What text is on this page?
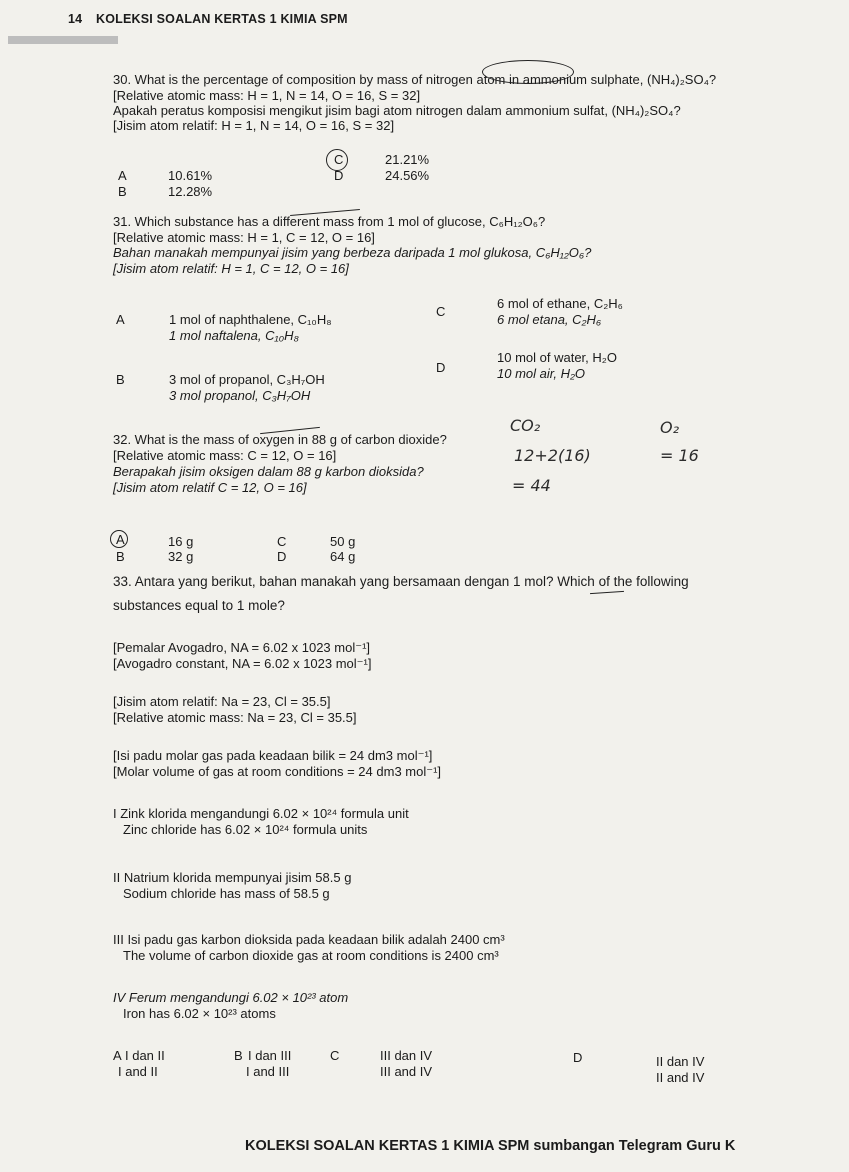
14 KOLEKSI SOALAN KERTAS 1 KIMIA SPM
30. What is the percentage of composition by mass of nitrogen atom in ammonium sulphate, (NH₄)₂SO₄?
[Relative atomic mass: H = 1, N = 14, O = 16, S = 32]
Apakah peratus komposisi mengikut jisim bagi atom nitrogen dalam ammonium sulfat, (NH₄)₂SO₄?
[Jisim atom relatif: H = 1, N = 14, O = 16, S = 32]
A	10.61%
B	12.28%
C	21.21%
D	24.56%
31. Which substance has a different mass from 1 mol of glucose, C₆H₁₂O₆?
[Relative atomic mass: H = 1, C = 12, O = 16]
Bahan manakah mempunyai jisim yang berbeza daripada 1 mol glukosa, C₆H₁₂O₆?
[Jisim atom relatif: H = 1, C = 12, O = 16]
A	1 mol of naphthalene, C₁₀H₈
1 mol naftalena, C₁₀H₈
B	3 mol of propanol, C₃H₇OH
3 mol propanol, C₃H₇OH
C
6 mol of ethane, C₂H₆
6 mol etana, C₂H₆
D
10 mol of water, H₂O
10 mol air, H₂O
32. What is the mass of oxygen in 88 g of carbon dioxide?
[Relative atomic mass: C = 12, O = 16]
Berapakah jisim oksigen dalam 88 g karbon dioksida?
[Jisim atom relatif C = 12, O = 16]
CO₂
12+2(16)
= 44
O₂
= 16
A	16 g
B	32 g
C	50 g
D	64 g
33. Antara yang berikut, bahan manakah yang bersamaan dengan 1 mol? Which of the following
substances equal to 1 mole?
[Pemalar Avogadro, NA = 6.02 x 1023 mol⁻¹]
[Avogadro constant, NA = 6.02 x 1023 mol⁻¹]
[Jisim atom relatif: Na = 23, Cl = 35.5]
[Relative atomic mass: Na = 23, Cl = 35.5]
[Isi padu molar gas pada keadaan bilik = 24 dm3 mol⁻¹]
[Molar volume of gas at room conditions = 24 dm3 mol⁻¹]
I Zink klorida mengandungi 6.02 × 10²⁴ formula unit
Zinc chloride has 6.02 × 10²⁴ formula units
II Natrium klorida mempunyai jisim 58.5 g
Sodium chloride has mass of 58.5 g
III Isi padu gas karbon dioksida pada keadaan bilik adalah 2400 cm³
The volume of carbon dioxide gas at room conditions is 2400 cm³
IV Ferum mengandungi 6.02 × 10²³ atom
Iron has 6.02 × 10²³ atoms
A I dan II
I and II
B I dan III
I and III
C	III dan IV
III and IV
D	II dan IV
II and IV
KOLEKSI SOALAN KERTAS 1 KIMIA SPM sumbangan Telegram Guru K
